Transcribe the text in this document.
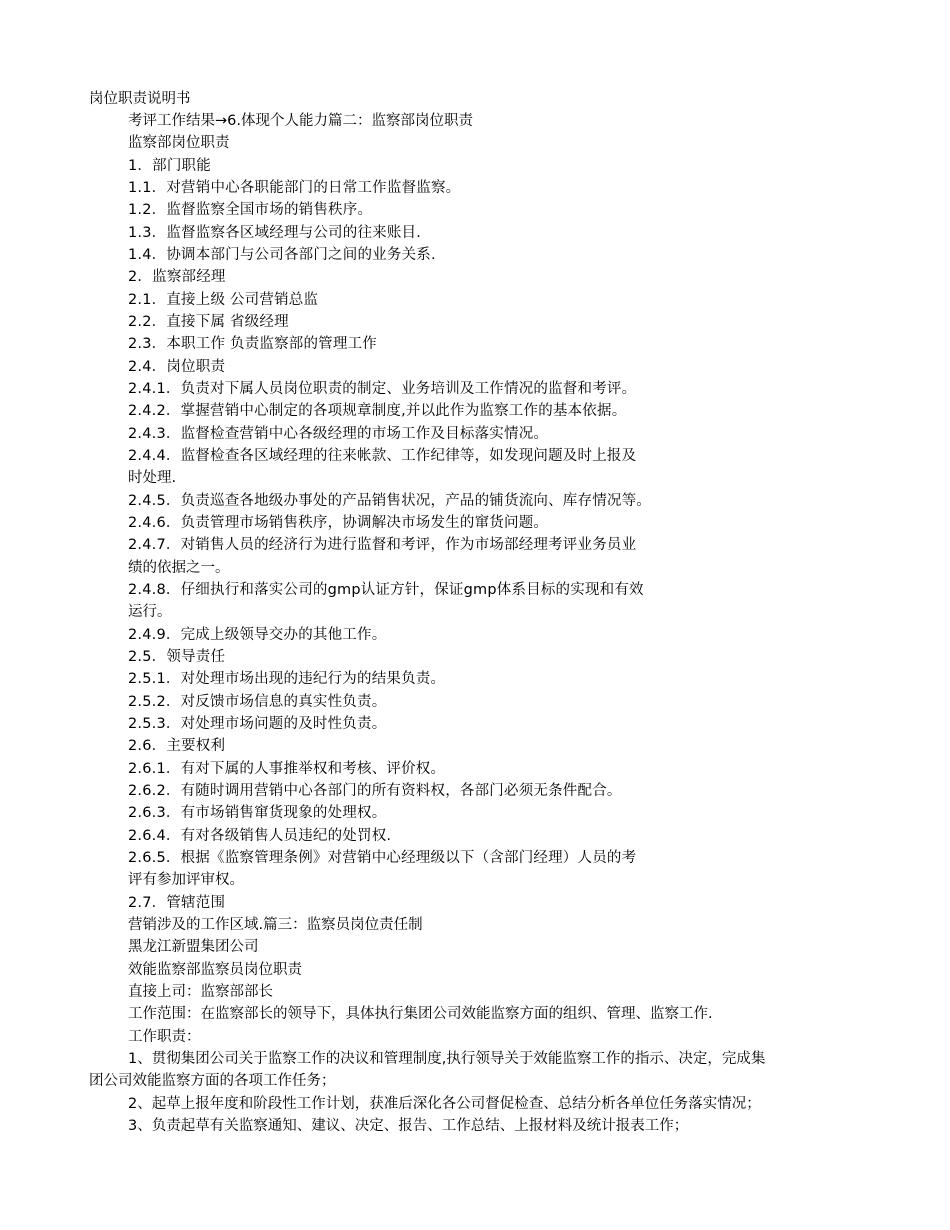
岗位职责说明书
考评工作结果→6.体现个人能力篇二：监察部岗位职责
监察部岗位职责
1．部门职能
1.1．对营销中心各职能部门的日常工作监督监察。
1.2．监督监察全国市场的销售秩序。
1.3．监督监察各区域经理与公司的往来账目.
1.4．协调本部门与公司各部门之间的业务关系.
2．监察部经理
2.1．直接上级 公司营销总监
2.2．直接下属 省级经理
2.3．本职工作 负责监察部的管理工作
2.4．岗位职责
2.4.1．负责对下属人员岗位职责的制定、业务培训及工作情况的监督和考评。
2.4.2．掌握营销中心制定的各项规章制度,并以此作为监察工作的基本依据。
2.4.3．监督检查营销中心各级经理的市场工作及目标落实情况。
2.4.4．监督检查各区域经理的往来帐款、工作纪律等，如发现问题及时上报及
时处理.
2.4.5．负责巡查各地级办事处的产品销售状况，产品的铺货流向、库存情况等。
2.4.6．负责管理市场销售秩序，协调解决市场发生的窜货问题。
2.4.7．对销售人员的经济行为进行监督和考评，作为市场部经理考评业务员业
绩的依据之一。
2.4.8．仔细执行和落实公司的gmp认证方针，保证gmp体系目标的实现和有效
运行。
2.4.9．完成上级领导交办的其他工作。
2.5．领导责任
2.5.1．对处理市场出现的违纪行为的结果负责。
2.5.2．对反馈市场信息的真实性负责。
2.5.3．对处理市场问题的及时性负责。
2.6．主要权利
2.6.1．有对下属的人事推举权和考核、评价权。
2.6.2．有随时调用营销中心各部门的所有资料权，各部门必须无条件配合。
2.6.3．有市场销售窜货现象的处理权。
2.6.4．有对各级销售人员违纪的处罚权.
2.6.5．根据《监察管理条例》对营销中心经理级以下（含部门经理）人员的考
评有参加评审权。
2.7．管辖范围
营销涉及的工作区域.篇三：监察员岗位责任制
黑龙江新盟集团公司
效能监察部监察员岗位职责
直接上司：监察部部长
工作范围：在监察部长的领导下，具体执行集团公司效能监察方面的组织、管理、监察工作.
工作职责：
1、贯彻集团公司关于监察工作的决议和管理制度,执行领导关于效能监察工作的指示、决定，完成集
团公司效能监察方面的各项工作任务；
2、起草上报年度和阶段性工作计划，获准后深化各公司督促检查、总结分析各单位任务落实情况；
3、负责起草有关监察通知、建议、决定、报告、工作总结、上报材料及统计报表工作；
